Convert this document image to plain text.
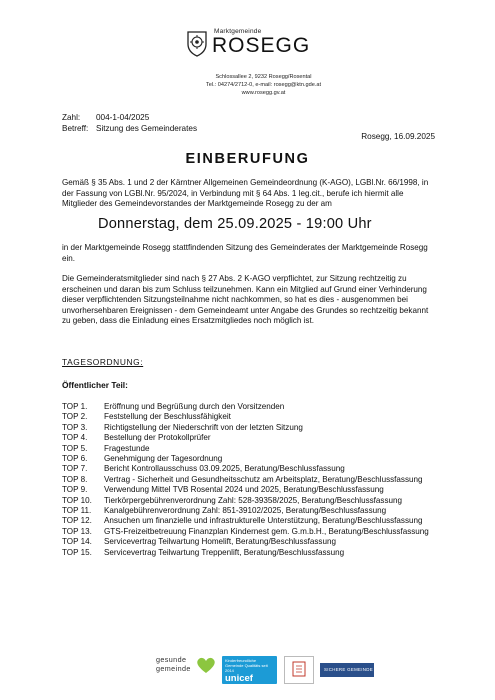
Marktgemeinde
ROSEGG
Schlossallee 2, 9232 Rosegg/Rosental
Tel.: 04274/2712-0, e-mail: rosegg@ktn.gde.at
www.rosegg.gv.at
Zahl: 004-1-04/2025
Betreff: Sitzung des Gemeinderates
Rosegg, 16.09.2025
EINBERUFUNG
Gemäß § 35 Abs. 1 und 2 der Kärntner Allgemeinen Gemeindeordnung (K-AGO), LGBl.Nr. 66/1998, in der Fassung von LGBl.Nr. 95/2024, in Verbindung mit § 64 Abs. 1 leg.cit., berufe ich hiermit alle Mitglieder des Gemeindevorstandes der Marktgemeinde Rosegg zu der am
Donnerstag, dem 25.09.2025 - 19:00 Uhr
in der Marktgemeinde Rosegg stattfindenden Sitzung des Gemeinderates der Marktgemeinde Rosegg ein.
Die Gemeinderatsmitglieder sind nach § 27 Abs. 2 K-AGO verpflichtet, zur Sitzung rechtzeitig zu erscheinen und daran bis zum Schluss teilzunehmen. Kann ein Mitglied auf Grund einer Verhinderung dieser verpflichtenden Sitzungsteilnahme nicht nachkommen, so hat es dies - ausgenommen bei unvorhersehbaren Ereignissen - dem Gemeindeamt unter Angabe des Grundes so rechtzeitig bekannt zu geben, dass die Einladung eines Ersatzmitgliedes noch möglich ist.
TAGESORDNUNG:
Öffentlicher Teil:
TOP 1.	Eröffnung und Begrüßung durch den Vorsitzenden
TOP 2.	Feststellung der Beschlussfähigkeit
TOP 3.	Richtigstellung der Niederschrift von der letzten Sitzung
TOP 4.	Bestellung der Protokollprüfer
TOP 5.	Fragestunde
TOP 6.	Genehmigung der Tagesordnung
TOP 7.	Bericht Kontrollausschuss 03.09.2025, Beratung/Beschlussfassung
TOP 8.	Vertrag - Sicherheit und Gesundheitsschutz am Arbeitsplatz, Beratung/Beschlussfassung
TOP 9.	Verwendung Mittel TVB Rosental 2024 und 2025, Beratung/Beschlussfassung
TOP 10.	Tierkörpergebührenverordnung Zahl: 528-39358/2025, Beratung/Beschlussfassung
TOP 11.	Kanalgebührenverordnung Zahl: 851-39102/2025, Beratung/Beschlussfassung
TOP 12.	Ansuchen um finanzielle und infrastrukturelle Unterstützung, Beratung/Beschlussfassung
TOP 13.	GTS-Freizeitbetreuung Finanzplan Kindernest gem. G.m.b.H., Beratung/Beschlussfassung
TOP 14.	Servicevertrag Teilwartung Homelift, Beratung/Beschlussfassung
TOP 15.	Servicevertrag Teilwartung Treppenlift, Beratung/Beschlussfassung
gesunde
gemeinde
Kinderfreundliche Gemeinde Qualitäts seit 2014
unicef
SICHERE GEMEINDE
